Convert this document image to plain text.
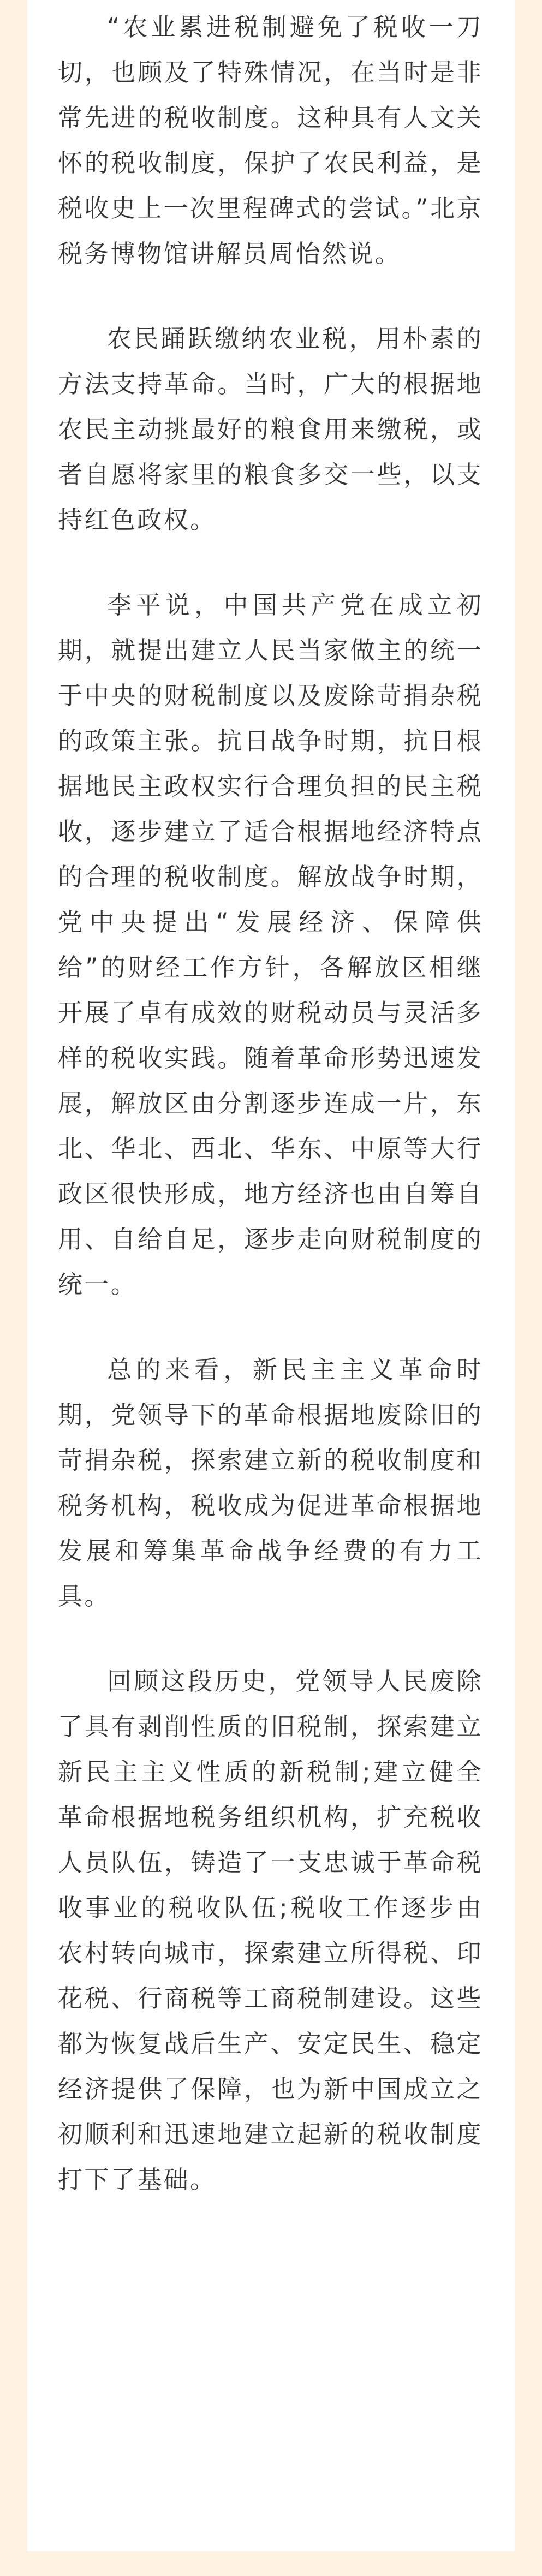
“农业累进税制避免了税收一刀切，也顾及了特殊情况，在当时是非常先进的税收制度。这种具有人文关怀的税收制度，保护了农民利益，是税收史上一次里程碑式的尝试。”北京税务博物馆讲解员周怡然说。

农民踊跃缴纳农业税，用朴素的方法支持革命。当时，广大的根据地农民主动挑最好的粮食用来缴税，或者自愿将家里的粮食多交一些，以支持红色政权。

李平说，中国共产党在成立初期，就提出建立人民当家做主的统一于中央的财税制度以及废除苛捐杂税的政策主张。抗日战争时期，抗日根据地民主政权实行合理负担的民主税收，逐步建立了适合根据地经济特点的合理的税收制度。解放战争时期，党中央提出“发展经济、保障供给”的财经工作方针，各解放区相继开展了卓有成效的财税动员与灵活多样的税收实践。随着革命形势迅速发展，解放区由分割逐步连成一片，东北、华北、西北、华东、中原等大行政区很快形成，地方经济也由自筹自用、自给自足，逐步走向财税制度的统一。

总的来看，新民主主义革命时期，党领导下的革命根据地废除旧的苛捐杂税，探索建立新的税收制度和税务机构，税收成为促进革命根据地发展和筹集革命战争经费的有力工具。

回顾这段历史，党领导人民废除了具有剥削性质的旧税制，探索建立新民主主义性质的新税制;建立健全革命根据地税务组织机构，扩充税收人员队伍，铸造了一支忠诚于革命税收事业的税收队伍;税收工作逐步由农村转向城市，探索建立所得税、印花税、行商税等工商税制建设。这些都为恢复战后生产、安定民生、稳定经济提供了保障，也为新中国成立之初顺利和迅速地建立起新的税收制度打下了基础。
